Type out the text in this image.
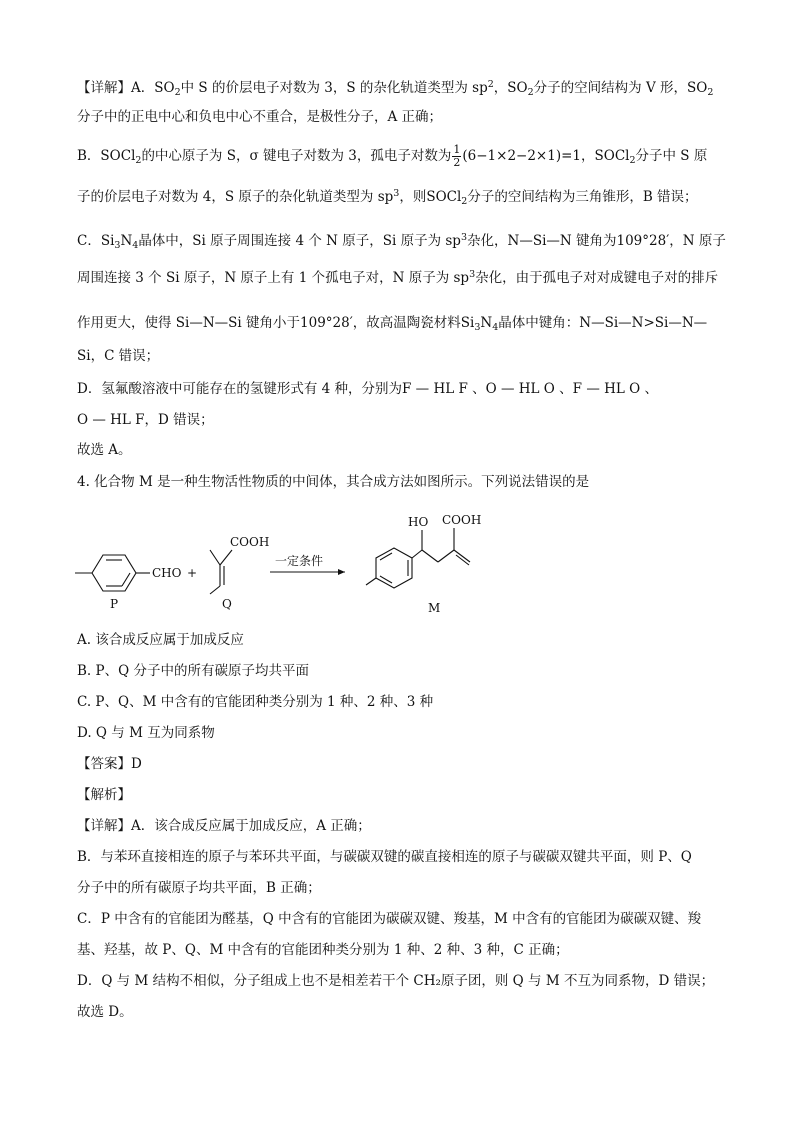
【详解】A．$SO_2$中 S 的价层电子对数为 3，S 的杂化轨道类型为 $sp^2$，$SO_2$分子的空间结构为 V 形，$SO_2$
分子中的正电中心和负电中心不重合，是极性分子，A 正确；
B．SOCl$_2$的中心原子为 S，σ 键电子对数为 3，孤电子对数为 $\frac{1}{2} (6-1\times 2-2\times 1)=1$，SOCl$_2$分子中 S 原
子的价层电子对数为 4，S 原子的杂化轨道类型为 $sp^3$，则SOCl$_2$分子的空间结构为三角锥形，B 错误；
C．$Si_3N_4$晶体中，Si 原子周围连接 4 个 N 原子，Si 原子为 $sp^3$杂化，N—Si—N 键角为109°28′，N 原子
周围连接 3 个 Si 原子，N 原子上有 1 个孤电子对，N 原子为 $sp^3$杂化，由于孤电子对对成键电子对的排斥
作用更大，使得 Si—N—Si 键角小于109°28′，故高温陶瓷材料$Si_3N_4$晶体中键角：N—Si—N>Si—N—
Si，C 错误；
D．氢氟酸溶液中可能存在的氢键形式有 4 种，分别为F — HL F 、O — HL O 、F — HL O 、
O — HL F，D 错误；
故选 A。
4. 化合物 M 是一种生物活性物质的中间体，其合成方法如图所示。下列说法错误的是
CHO +
P
COOH
Q
一定条件
HO COOH
M
A. 该合成反应属于加成反应
B. P、Q 分子中的所有碳原子均共平面
C. P、Q、M 中含有的官能团种类分别为 1 种、2 种、3 种
D. Q 与 M 互为同系物
【答案】D
【解析】
【详解】A．该合成反应属于加成反应，A 正确；
B．与苯环直接相连的原子与苯环共平面，与碳碳双键的碳直接相连的原子与碳碳双键共平面，则 P、Q
分子中的所有碳原子均共平面，B 正确；
C．P 中含有的官能团为醛基，Q 中含有的官能团为碳碳双键、羧基，M 中含有的官能团为碳碳双键、羧
基、羟基，故 P、Q、M 中含有的官能团种类分别为 1 种、2 种、3 种，C 正确；
D．Q 与 M 结构不相似，分子组成上也不是相差若干个 CH₂原子团，则 Q 与 M 不互为同系物，D 错误；
故选 D。
